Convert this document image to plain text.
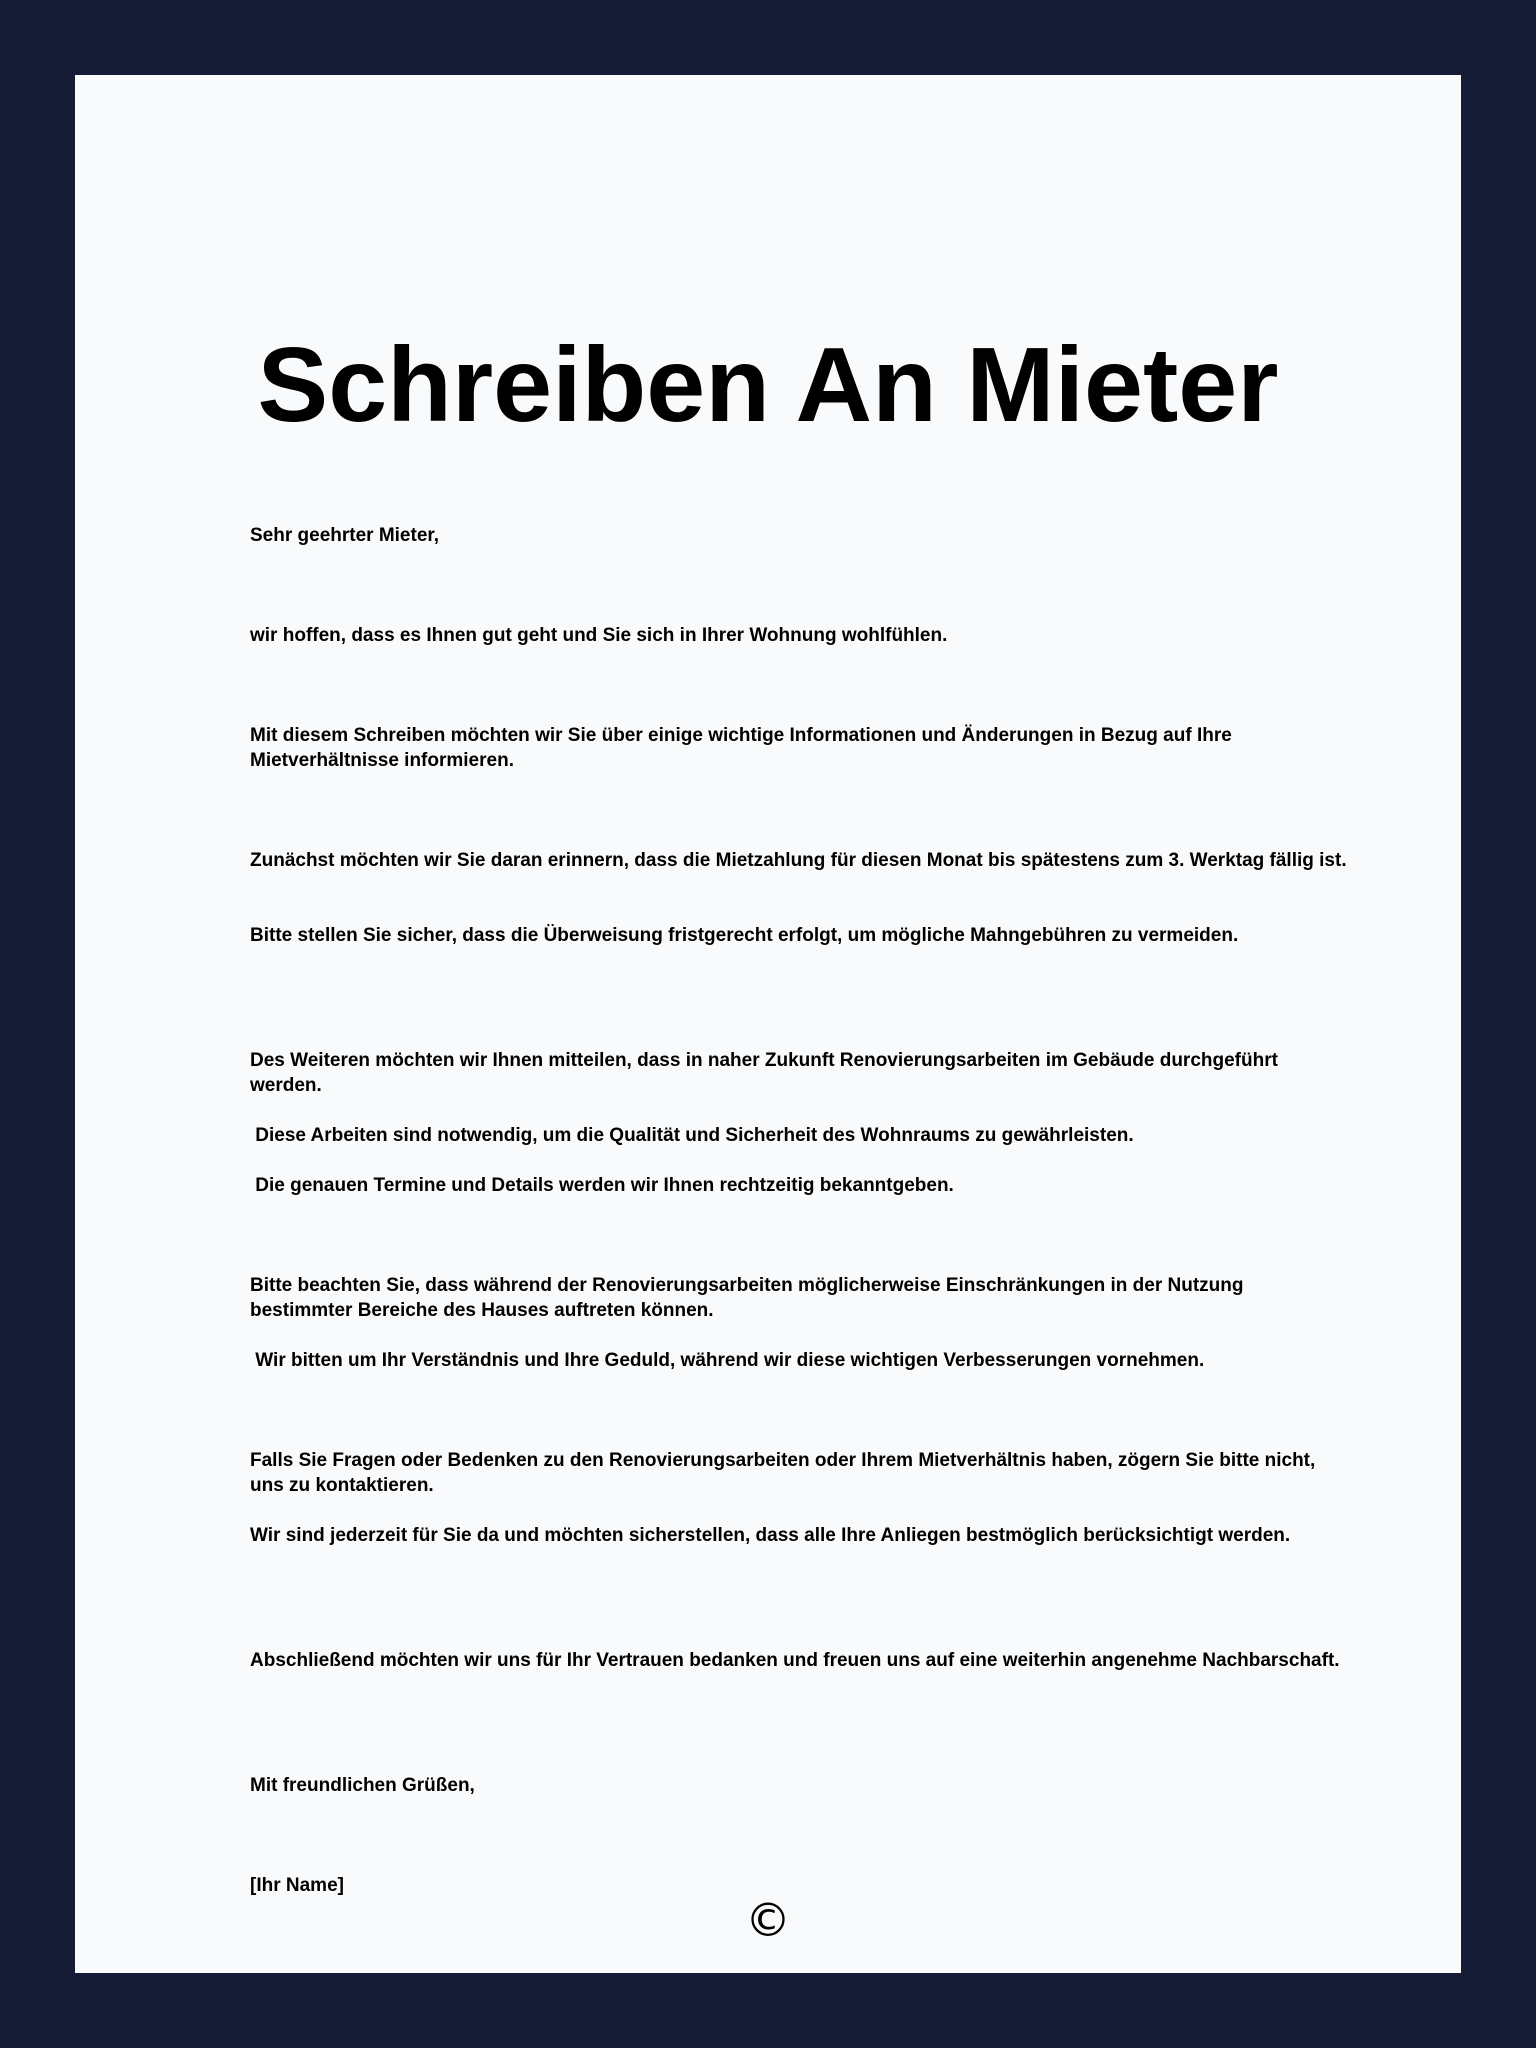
Schreiben An Mieter

Sehr geehrter Mieter,

wir hoffen, dass es Ihnen gut geht und Sie sich in Ihrer Wohnung wohlfühlen.

Mit diesem Schreiben möchten wir Sie über einige wichtige Informationen und Änderungen in Bezug auf Ihre Mietverhältnisse informieren.

Zunächst möchten wir Sie daran erinnern, dass die Mietzahlung für diesen Monat bis spätestens zum 3. Werktag fällig ist.

Bitte stellen Sie sicher, dass die Überweisung fristgerecht erfolgt, um mögliche Mahngebühren zu vermeiden.

Des Weiteren möchten wir Ihnen mitteilen, dass in naher Zukunft Renovierungsarbeiten im Gebäude durchgeführt werden.

Diese Arbeiten sind notwendig, um die Qualität und Sicherheit des Wohnraums zu gewährleisten.

Die genauen Termine und Details werden wir Ihnen rechtzeitig bekanntgeben.

Bitte beachten Sie, dass während der Renovierungsarbeiten möglicherweise Einschränkungen in der Nutzung bestimmter Bereiche des Hauses auftreten können.

Wir bitten um Ihr Verständnis und Ihre Geduld, während wir diese wichtigen Verbesserungen vornehmen.

Falls Sie Fragen oder Bedenken zu den Renovierungsarbeiten oder Ihrem Mietverhältnis haben, zögern Sie bitte nicht, uns zu kontaktieren.

Wir sind jederzeit für Sie da und möchten sicherstellen, dass alle Ihre Anliegen bestmöglich berücksichtigt werden.

Abschließend möchten wir uns für Ihr Vertrauen bedanken und freuen uns auf eine weiterhin angenehme Nachbarschaft.

Mit freundlichen Grüßen,

[Ihr Name]

©
